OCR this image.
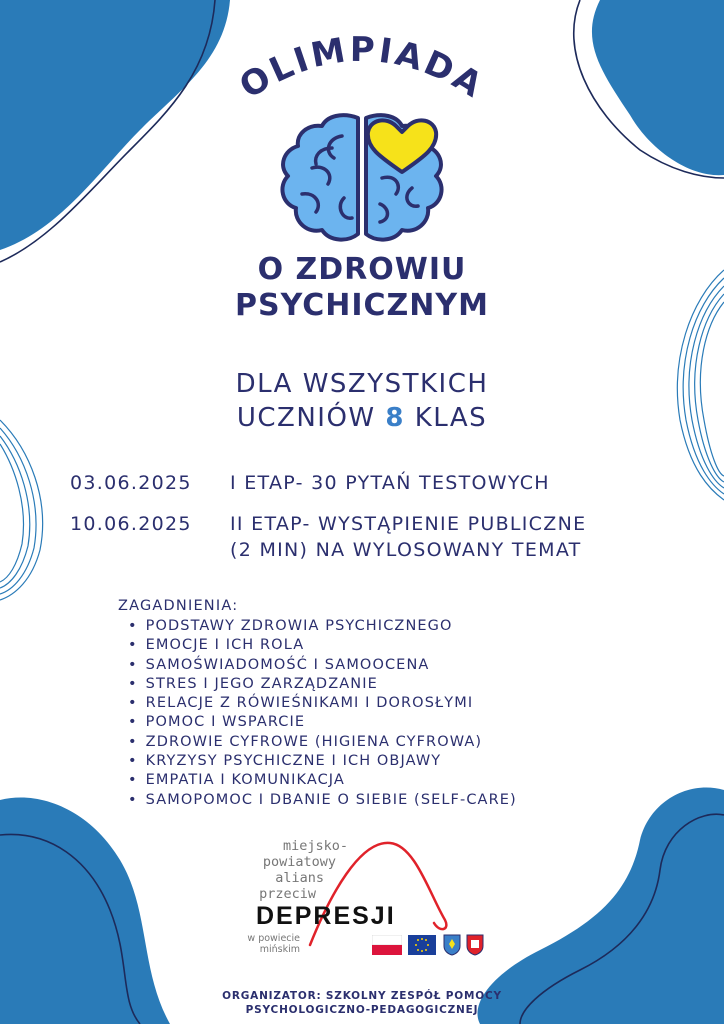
OLIMPIADA
O ZDROWIU
PSYCHICZNYM
DLA WSZYSTKICH
UCZNIÓW 8 KLAS
03.06.2025 I ETAP- 30 PYTAŃ TESTOWYCH
10.06.2025 II ETAP- WYSTĄPIENIE PUBLICZNE
(2 MIN) NA WYLOSOWANY TEMAT
ZAGADNIENIA:
• PODSTAWY ZDROWIA PSYCHICZNEGO
• EMOCJE I ICH ROLA
• SAMOŚWIADOMOŚĆ I SAMOOCENA
• STRES I JEGO ZARZĄDZANIE
• RELACJE Z RÓWIEŚNIKAMI I DOROSŁYMI
• POMOC I WSPARCIE
• ZDROWIE CYFROWE (HIGIENA CYFROWA)
• KRYZYSY PSYCHICZNE I ICH OBJAWY
• EMPATIA I KOMUNIKACJA
• SAMOPOMOC I DBANIE O SIEBIE (SELF-CARE)
miejsko-
powiatowy
alians
przeciw
DEPRESJI
w powiecie
mińskim
ORGANIZATOR: SZKOLNY ZESPÓŁ POMOCY
PSYCHOLOGICZNO-PEDAGOGICZNEJ
